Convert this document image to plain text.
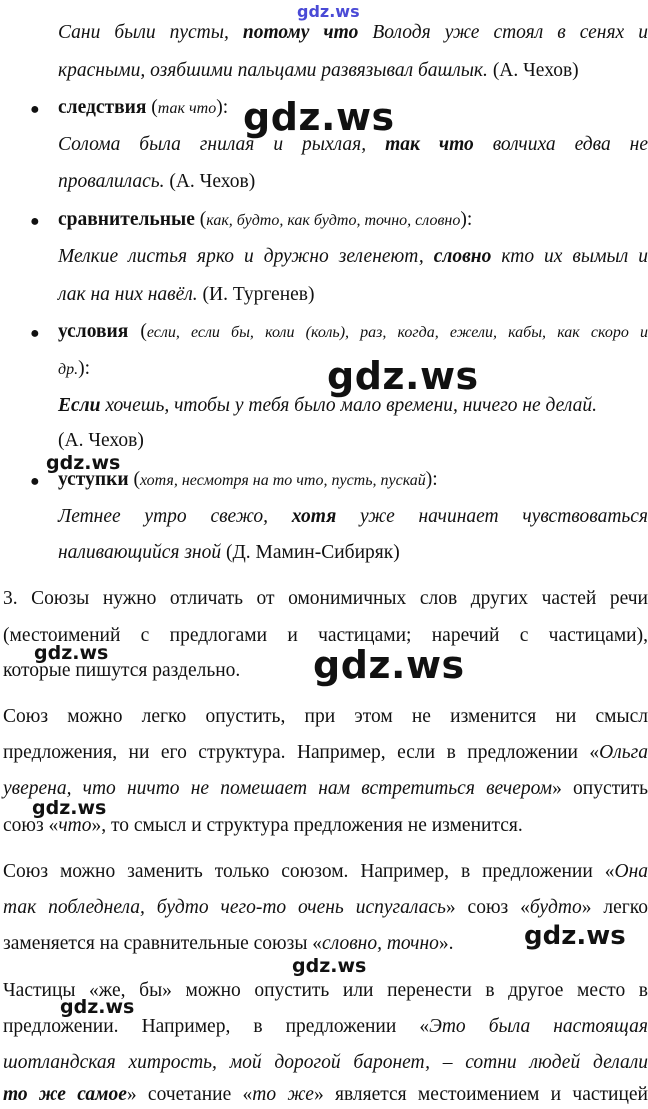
gdz.ws

Сани были пусты, потому что Володя уже стоял в сенях и

красными, озябшими пальцами развязывал башлык. (А. Чехов)

● следствия (так что): gdz.ws

Солома была гнилая и рыхлая, так что волчиха едва не

провалилась. (А. Чехов)

● сравнительные (как, будто, как будто, точно, словно):

Мелкие листья ярко и дружно зеленеют, словно кто их вымыл и

лак на них навёл. (И. Тургенев)

● условия (если, если бы, коли (коль), раз, когда, ежели, кабы, как скоро и

др.):	gdz.ws

Если хочешь, чтобы у тебя было мало времени, ничего не делай.

(А. Чехов)

gdz.ws
● уступки (хотя, несмотря на то что, пусть, пускай):

Летнее утро свежо, хотя уже начинает чувствоваться

наливающийся зной (Д. Мамин-Сибиряк)

3. Союзы нужно отличать от омонимичных слов других частей речи

(местоимений с предлогами и частицами; наречий с частицами),

gdz.ws

которые пишутся раздельно.	gdz.ws

Союз можно легко опустить, при этом не изменится ни смысл

предложения, ни его структура. Например, если в предложении «Ольга

уверена, что ничто не помешает нам встретиться вечером» опустить

gdz.ws

союз «что», то смысл и структура предложения не изменится.

Союз можно заменить только союзом. Например, в предложении «Она

так побледнела, будто чего-то очень испугалась» союз «будто» легко

заменяется на сравнительные союзы «словно, точно».	gdz.ws
gdz.ws

Частицы «же, бы» можно опустить или перенести в другое место в

gdz.ws

предложении. Например, в предложении «Это была настоящая

шотландская хитрость, мой дорогой баронет, – сотни людей делали

то же самое» сочетание «то же» является местоимением и частицей
